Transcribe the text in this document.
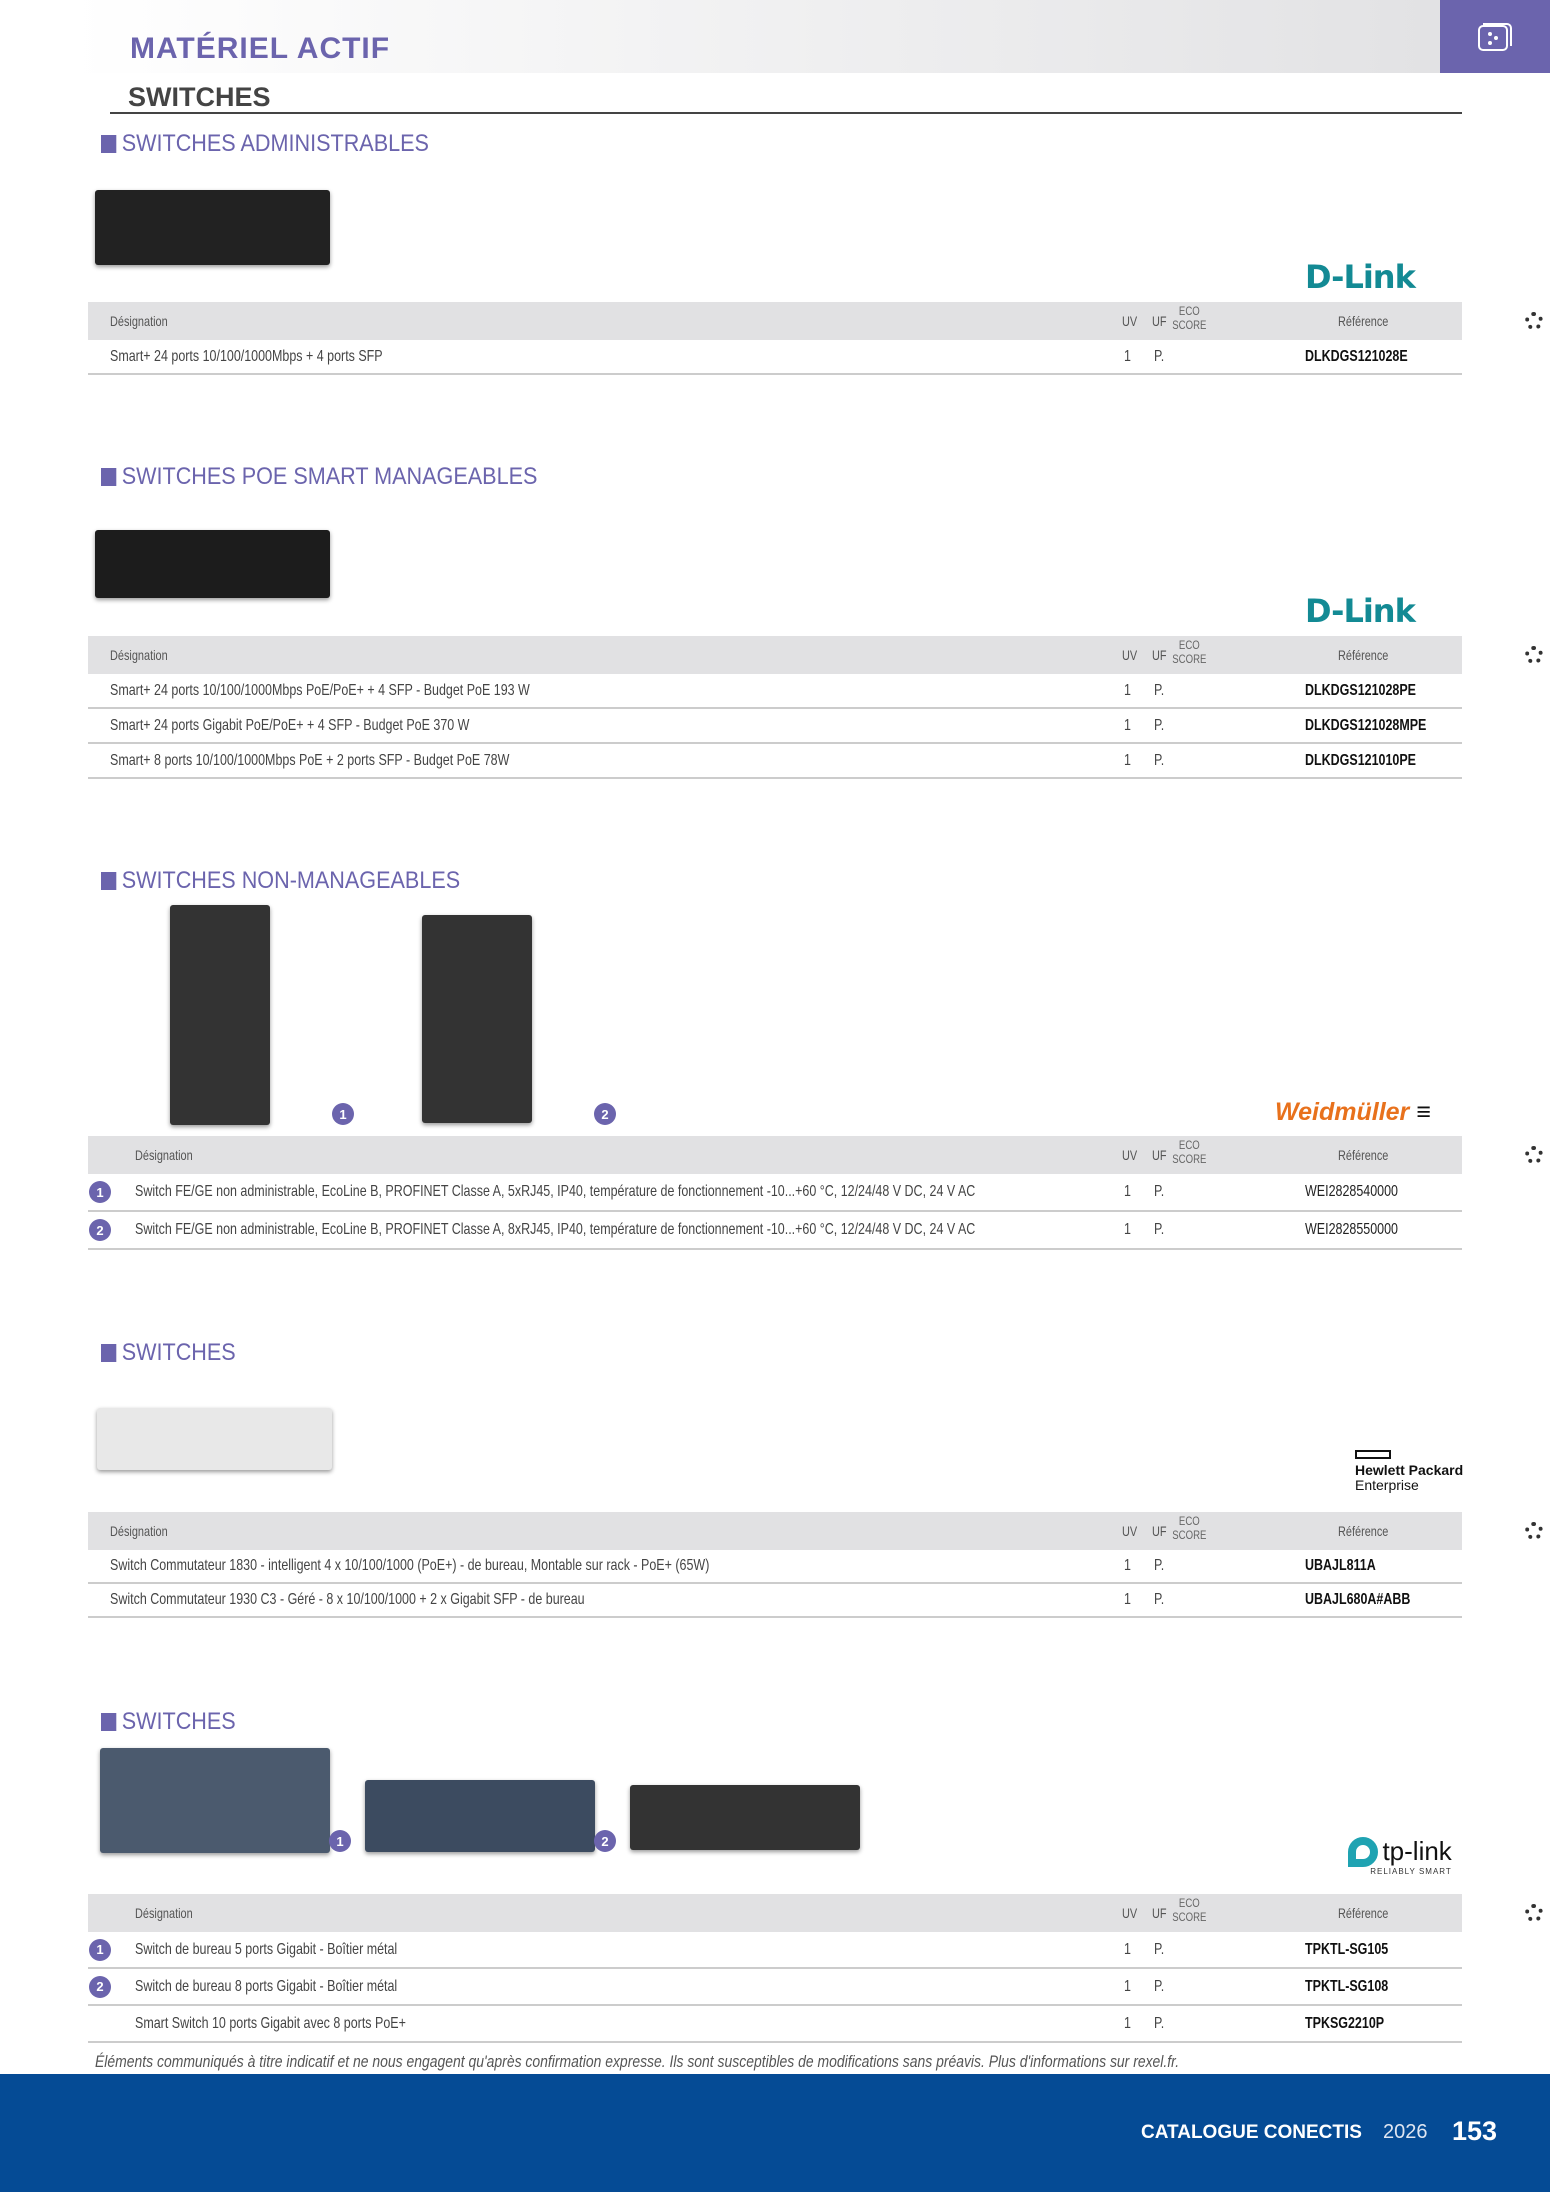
MATÉRIEL ACTIF
SWITCHES
SWITCHES ADMINISTRABLES
D-Link
Désignation
ECO
SCORE
UV UF	Référence
Smart+ 24 ports 10/100/1000Mbps + 4 ports SFP	1 P.	DLKDGS121028E
SWITCHES POE SMART MANAGEABLES
D-Link
Désignation
ECO
SCORE
UV UF	Référence
Smart+ 24 ports 10/100/1000Mbps PoE/PoE+ + 4 SFP - Budget PoE 193 W	1 P.	DLKDGS121028PE
Smart+ 24 ports Gigabit PoE/PoE+ + 4 SFP - Budget PoE 370 W	1 P.	DLKDGS121028MPE
Smart+ 8 ports 10/100/1000Mbps PoE + 2 ports SFP - Budget PoE 78W	1 P.	DLKDGS121010PE
SWITCHES NON-MANAGEABLES
1	2	Weidmüller ≡
Désignation
ECO
SCORE
UV UF	Référence
1	Switch FE/GE non administrable, EcoLine B, PROFINET Classe A, 5xRJ45, IP40, température de fonctionnement -10...+60 °C, 12/24/48 V DC, 24 V AC	1 P.	WEI2828540000
2	Switch FE/GE non administrable, EcoLine B, PROFINET Classe A, 8xRJ45, IP40, température de fonctionnement -10...+60 °C, 12/24/48 V DC, 24 V AC	1 P.	WEI2828550000
SWITCHES
Hewlett Packard
Enterprise
Désignation
ECO
SCORE
UV UF	Référence
Switch Commutateur 1830 - intelligent 4 x 10/100/1000 (PoE+) - de bureau, Montable sur rack - PoE+ (65W)	1 P.	UBAJL811A
Switch Commutateur 1930 C3 - Géré - 8 x 10/100/1000 + 2 x Gigabit SFP - de bureau	1 P.	UBAJL680A#ABB
SWITCHES
1	2	tp-link
RELIABLY SMART
Désignation
ECO
SCORE
UV UF	Référence
1	Switch de bureau 5 ports Gigabit - Boîtier métal	1 P.	TPKTL-SG105
2	Switch de bureau 8 ports Gigabit - Boîtier métal	1 P.	TPKTL-SG108
Smart Switch 10 ports Gigabit avec 8 ports PoE+	1 P.	TPKSG2210P
Éléments communiqués à titre indicatif et ne nous engagent qu'après confirmation expresse. Ils sont susceptibles de modifications sans préavis. Plus d'informations sur rexel.fr.
CATALOGUE CONECTIS 2026 153
